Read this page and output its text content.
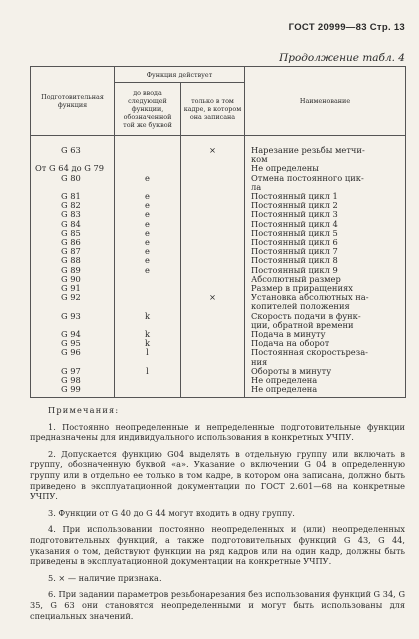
ГОСТ 20999—83 Стр. 13
Продолжение табл. 4
Подготовительная функция	Функция действует		Наименование
	до ввода следующей функции, обозначенной той же буквой	только в том кадре, в котором она записана	
G 63		×	Нарезание резьбы метчи-
			ком
От G 64 до G 79			Не определены
G 80	e		Отмена постоянного цик-
			ла
G 81	e		Постоянный цикл 1
G 82	e		Постоянный цикл 2
G 83	e		Постоянный цикл 3
G 84	e		Постоянный цикл 4
G 85	e		Постоянный цикл 5
G 86	e		Постоянный цикл 6
G 87	e		Постоянный цикл 7
G 88	e		Постоянный цикл 8
G 89	e		Постоянный цикл 9
G 90			Абсолютный размер
G 91			Размер в приращениях
G 92		×	Установка абсолютных на-
			копителей положения
G 93	k		Скорость подачи в функ-
			ции, обратной времени
G 94	k		Подача в минуту
G 95	k		Подача на оборот
G 96	l		Постоянная скоростьреза-
			ния
G 97	l		Обороты в минуту
G 98			Не определена
G 99			Не определена
Примечания:

1. Постоянно неопределенные и непределенные подготовительные функции предназначены для индивидуального использования в конкретных УЧПУ.

2. Допускается функцию G04 выделять в отдельную группу или включать в группу, обозначенную буквой «a». Указание о включении G 04 в определенную группу или в отдельно ее только в том кадре, в котором она записана, должно быть приведено в эксплуатационной документации по ГОСТ 2.601—68 на конкретные УЧПУ.

3. Функции от G 40 до G 44 могут входить в одну группу.

4. При использовании постоянно неопределенных и (или) неопределенных подготовительных функций, а также подготовительных функций G 43, G 44, указания о том, действуют функции на ряд кадров или на один кадр, должны быть приведены в эксплуатационной документации на конкретные УЧПУ.

5. × — наличие признака.

6. При задании параметров резьбонарезания без использования функций G 34, G 35, G 63 они становятся неопределенными и могут быть использованы для специальных значений.
